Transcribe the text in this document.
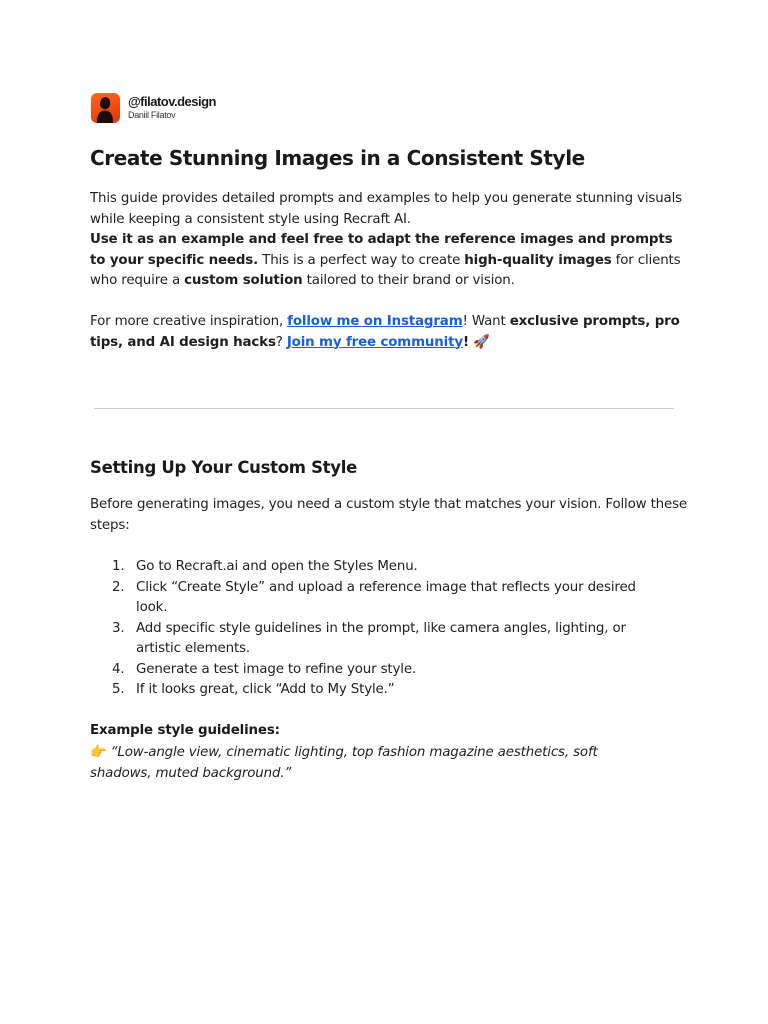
@filatov.design
Daniil Filatov
Create Stunning Images in a Consistent Style

This guide provides detailed prompts and examples to help you generate stunning visuals while keeping a consistent style using Recraft AI.
Use it as an example and feel free to adapt the reference images and prompts to your specific needs. This is a perfect way to create high-quality images for clients who require a custom solution tailored to their brand or vision.

For more creative inspiration, follow me on Instagram! Want exclusive prompts, pro tips, and AI design hacks? Join my free community! 🚀

Setting Up Your Custom Style

Before generating images, you need a custom style that matches your vision. Follow these steps:

1. Go to Recraft.ai and open the Styles Menu.
2. Click “Create Style” and upload a reference image that reflects your desired look.
3. Add specific style guidelines in the prompt, like camera angles, lighting, or artistic elements.
4. Generate a test image to refine your style.
5. If it looks great, click “Add to My Style.”

Example style guidelines:

👉 “Low-angle view, cinematic lighting, top fashion magazine aesthetics, soft shadows, muted background.”
